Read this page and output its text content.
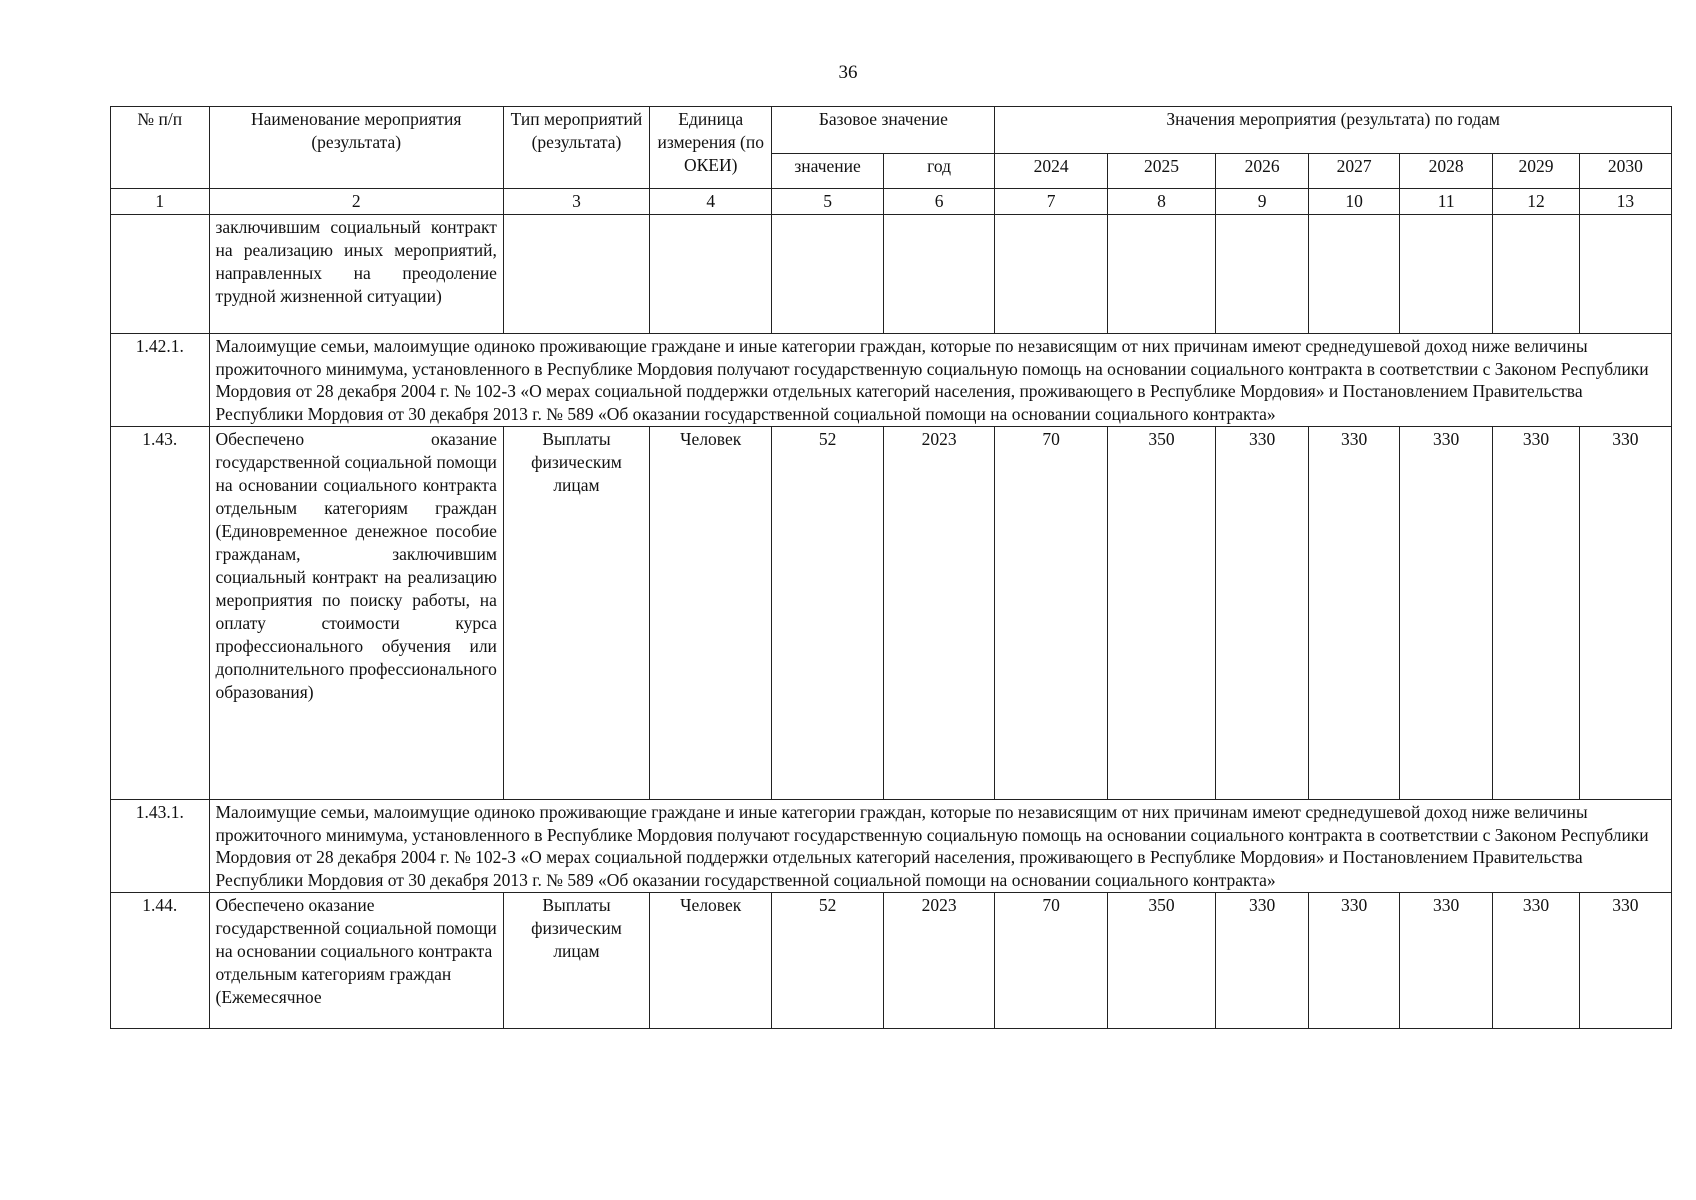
36
№ п/п	Наименование мероприятия (результата)	Тип мероприятий (результата)	Единица измерения (по ОКЕИ)	Базовое значение		Значения мероприятия (результата) по годам						
				значение	год	2024	2025	2026	2027	2028	2029	2030
1	2	3	4	5	6	7	8	9	10	11	12	13
	заключившим социальный контракт на реализацию иных мероприятий, направленных на преодоление трудной жизненной ситуации)											
1.42.1.	Малоимущие семьи, малоимущие одиноко проживающие граждане и иные категории граждан, которые по независящим от них причинам имеют среднедушевой доход ниже величины прожиточного минимума, установленного в Республике Мордовия получают государственную социальную помощь на основании социального контракта в соответствии с Законом Республики Мордовия от 28 декабря 2004 г. № 102-З «О мерах социальной поддержки отдельных категорий населения, проживающего в Республике Мордовия» и Постановлением Правительства Республики Мордовия от 30 декабря 2013 г. № 589 «Об оказании государственной социальной помощи на основании социального контракта»											
1.43.	Обеспечено оказание государственной социальной помощи на основании социального контракта отдельным категориям граждан (Единовременное денежное пособие гражданам, заключившим социальный контракт на реализацию мероприятия по поиску работы, на оплату стоимости курса профессионального обучения или дополнительного профессионального образования)	Выплаты физическим лицам	Человек	52	2023	70	350	330	330	330	330	330
1.43.1.	Малоимущие семьи, малоимущие одиноко проживающие граждане и иные категории граждан, которые по независящим от них причинам имеют среднедушевой доход ниже величины прожиточного минимума, установленного в Республике Мордовия получают государственную социальную помощь на основании социального контракта в соответствии с Законом Республики Мордовия от 28 декабря 2004 г. № 102-З «О мерах социальной поддержки отдельных категорий населения, проживающего в Республике Мордовия» и Постановлением Правительства Республики Мордовия от 30 декабря 2013 г. № 589 «Об оказании государственной социальной помощи на основании социального контракта»											
1.44.	Обеспечено оказание государственной социальной помощи на основании социального контракта отдельным категориям граждан (Ежемесячное	Выплаты физическим лицам	Человек	52	2023	70	350	330	330	330	330	330
